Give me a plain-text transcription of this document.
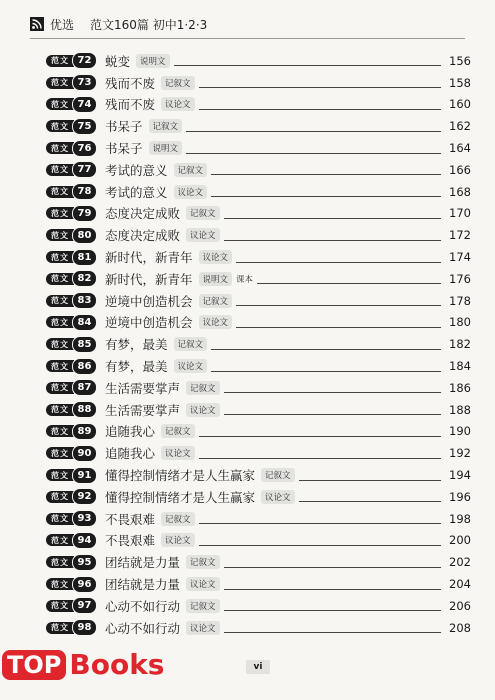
优选 范文160篇 初中1·2·3
范文 72	蜕变	说明文	156
范文 73	残而不废	记叙文	158
范文 74	残而不废	议论文	160
范文 75	书呆子	记叙文	162
范文 76	书呆子	说明文	164
范文 77	考试的意义	记叙文	166
范文 78	考试的意义	议论文	168
范文 79	态度决定成败	记叙文	170
范文 80	态度决定成败	议论文	172
范文 81	新时代，新青年	议论文	174
范文 82	新时代，新青年	说明文 课本	176
范文 83	逆境中创造机会	记叙文	178
范文 84	逆境中创造机会	议论文	180
范文 85	有梦，最美	记叙文	182
范文 86	有梦，最美	议论文	184
范文 87	生活需要掌声	记叙文	186
范文 88	生活需要掌声	议论文	188
范文 89	追随我心	记叙文	190
范文 90	追随我心	议论文	192
范文 91	懂得控制情绪才是人生赢家	记叙文	194
范文 92	懂得控制情绪才是人生赢家	议论文	196
范文 93	不畏艰难	记叙文	198
范文 94	不畏艰难	议论文	200
范文 95	团结就是力量	记叙文	202
范文 96	团结就是力量	议论文	204
范文 97	心动不如行动	记叙文	206
范文 98	心动不如行动	议论文	208
vi
TOP Books
